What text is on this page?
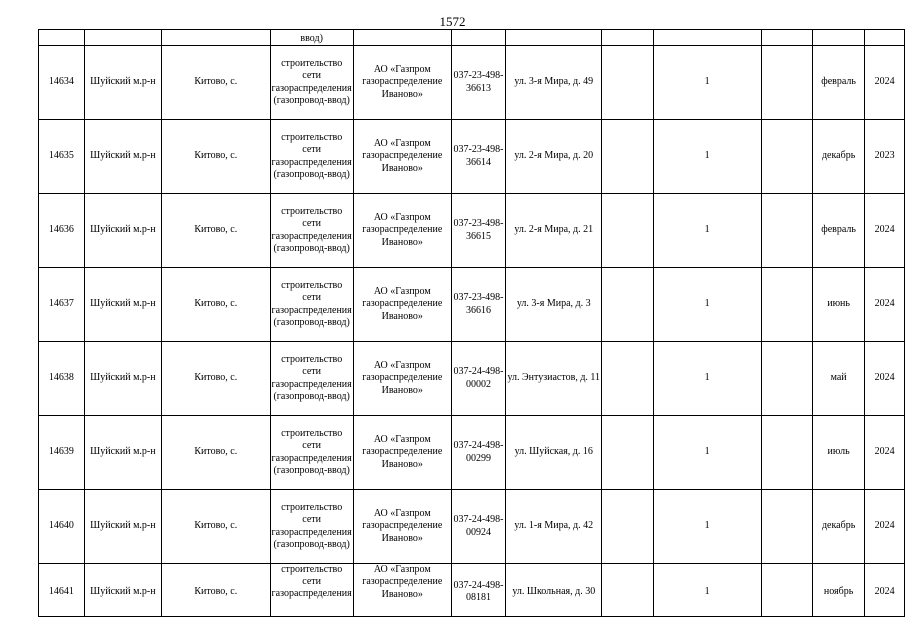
1572
			ввод)								
14634	Шуйский м.р-н	Китово, с.	строительство сети газораспределения (газопровод-ввод)	АО «Газпром газораспределение Иваново»	037-23-498-36613	ул. 3-я Мира, д. 49		1		февраль	2024
14635	Шуйский м.р-н	Китово, с.	строительство сети газораспределения (газопровод-ввод)	АО «Газпром газораспределение Иваново»	037-23-498-36614	ул. 2-я Мира, д. 20		1		декабрь	2023
14636	Шуйский м.р-н	Китово, с.	строительство сети газораспределения (газопровод-ввод)	АО «Газпром газораспределение Иваново»	037-23-498-36615	ул. 2-я Мира, д. 21		1		февраль	2024
14637	Шуйский м.р-н	Китово, с.	строительство сети газораспределения (газопровод-ввод)	АО «Газпром газораспределение Иваново»	037-23-498-36616	ул. 3-я Мира, д. 3		1		июнь	2024
14638	Шуйский м.р-н	Китово, с.	строительство сети газораспределения (газопровод-ввод)	АО «Газпром газораспределение Иваново»	037-24-498-00002	ул. Энтузиастов, д. 11		1		май	2024
14639	Шуйский м.р-н	Китово, с.	строительство сети газораспределения (газопровод-ввод)	АО «Газпром газораспределение Иваново»	037-24-498-00299	ул. Шуйская, д. 16		1		июль	2024
14640	Шуйский м.р-н	Китово, с.	строительство сети газораспределения (газопровод-ввод)	АО «Газпром газораспределение Иваново»	037-24-498-00924	ул. 1-я Мира, д. 42		1		декабрь	2024
14641	Шуйский м.р-н	Китово, с.	строительство сети газораспределения	АО «Газпром газораспределение Иваново»	037-24-498-08181	ул. Школьная, д. 30		1		ноябрь	2024
